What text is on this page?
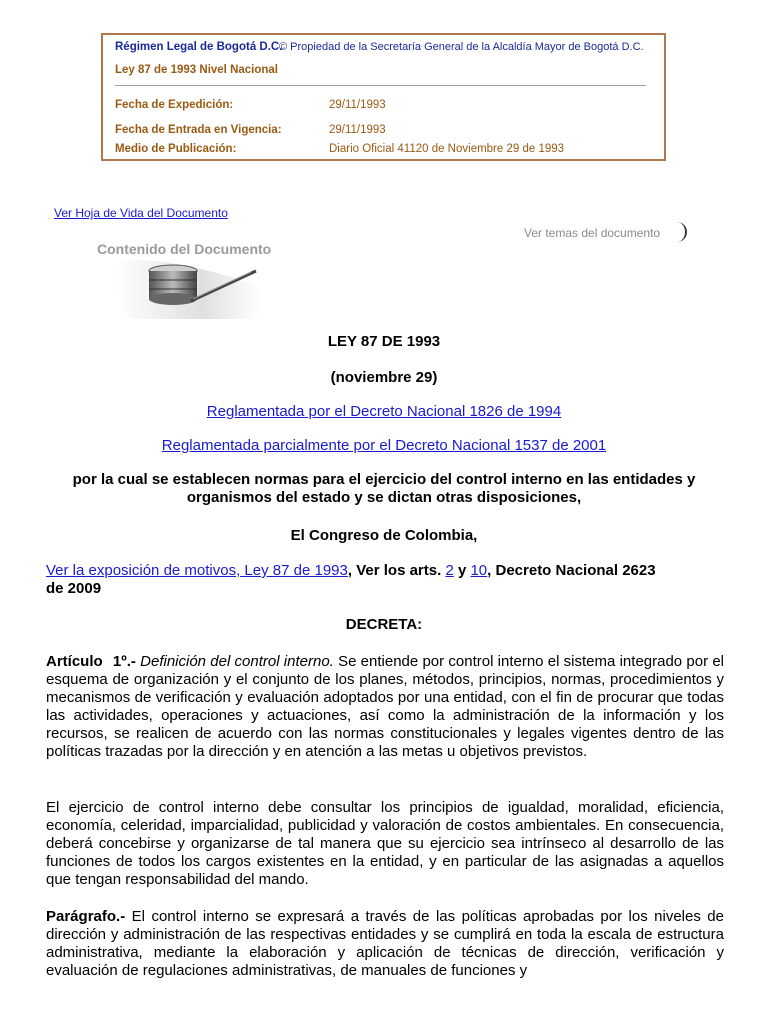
Régimen Legal de Bogotá D.C.
© Propiedad de la Secretaría General de la Alcaldía Mayor de Bogotá D.C.
Ley 87 de 1993 Nivel Nacional
Fecha de Expedición:	29/11/1993
Fecha de Entrada en Vigencia:	29/11/1993
Medio de Publicación:	Diario Oficial 41120 de Noviembre 29 de 1993
Ver Hoja de Vida del Documento
Ver temas del documento
Contenido del Documento
LEY 87 DE 1993
(noviembre 29)
Reglamentada por el Decreto Nacional 1826 de 1994
Reglamentada parcialmente por el Decreto Nacional 1537 de 2001
por la cual se establecen normas para el ejercicio del control interno en las entidades y
organismos del estado y se dictan otras disposiciones,
El Congreso de Colombia,
Ver la exposición de motivos, Ley 87 de 1993, Ver los arts. 2 y 10, Decreto Nacional 2623
de 2009
DECRETA:
Artículo 1º.- Definición del control interno. Se entiende por control interno el sistema integrado por el esquema de organización y el conjunto de los planes, métodos, principios, normas, procedimientos y mecanismos de verificación y evaluación adoptados por una entidad, con el fin de procurar que todas las actividades, operaciones y actuaciones, así como la administración de la información y los recursos, se realicen de acuerdo con las normas constitucionales y legales vigentes dentro de las políticas trazadas por la dirección y en atención a las metas u objetivos previstos.
El ejercicio de control interno debe consultar los principios de igualdad, moralidad, eficiencia, economía, celeridad, imparcialidad, publicidad y valoración de costos ambientales. En consecuencia, deberá concebirse y organizarse de tal manera que su ejercicio sea intrínseco al desarrollo de las funciones de todos los cargos existentes en la entidad, y en particular de las asignadas a aquellos que tengan responsabilidad del mando.
Parágrafo.- El control interno se expresará a través de las políticas aprobadas por los niveles de dirección y administración de las respectivas entidades y se cumplirá en toda la escala de estructura administrativa, mediante la elaboración y aplicación de técnicas de dirección, verificación y evaluación de regulaciones administrativas, de manuales de funciones y
